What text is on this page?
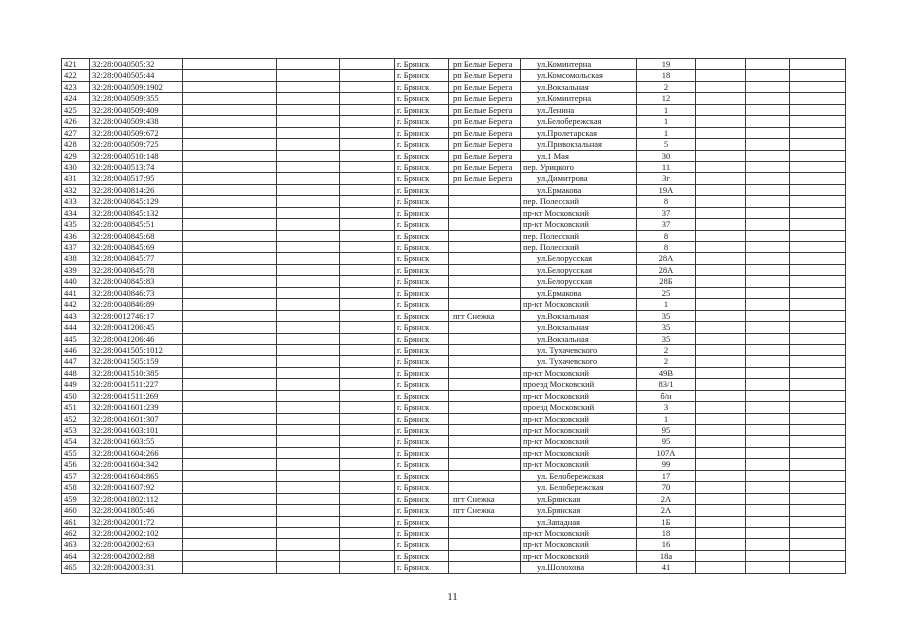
421	32:28:0040505:32	г. Брянск	рп Белые Берега	ул.Коминтерна	19
422	32:28:0040505:44	г. Брянск	рп Белые Берега	ул.Комсомольская	18
423	32:28:0040509:1902	г. Брянск	рп Белые Берега	ул.Вокзальная	2
424	32:28:0040509:355	г. Брянск	рп Белые Берега	ул.Коминтерна	12
425	32:28:0040509:409	г. Брянск	рп Белые Берега	ул.Ленина	1
426	32:28:0040509:438	г. Брянск	рп Белые Берега	ул.Белобережская	1
427	32:28:0040509:672	г. Брянск	рп Белые Берега	ул.Пролетарская	1
428	32:28:0040509:725	г. Брянск	рп Белые Берега	ул.Привокзальная	5
429	32:28:0040510:148	г. Брянск	рп Белые Берега	ул.1 Мая	30
430	32:28:0040513:74	г. Брянск	рп Белые Берега	пер. Урицкого	11
431	32:28:0040517:95	г. Брянск	рп Белые Берега	ул.Димитрова	3г
432	32:28:0040814:26	г. Брянск	ул.Ермакова	19А
433	32:28:0040845:129	г. Брянск	пер. Полесский	8
434	32:28:0040845:132	г. Брянск	пр-кт Московский	37
435	32:28:0040845:51	г. Брянск	пр-кт Московский	37
436	32:28:0040845:68	г. Брянск	пер. Полесский	8
437	32:28:0040845:69	г. Брянск	пер. Полесский	8
438	32:28:0040845:77	г. Брянск	ул.Белорусская	28А
439	32:28:0040845:78	г. Брянск	ул.Белорусская	28А
440	32:28:0040845:83	г. Брянск	ул.Белорусская	28Б
441	32:28:0040846:73	г. Брянск	ул.Ермакова	25
442	32:28:0040846:89	г. Брянск	пр-кт Московский	1
443	32:28:0012746:17	г. Брянск	пгт Снежка	ул.Вокзальная	35
444	32:28:0041206:45	г. Брянск	ул.Вокзальная	35
445	32:28:0041206:46	г. Брянск	ул.Вокзальная	35
446	32:28:0041505:1012	г. Брянск	ул. Тухачевского	2
447	32:28:0041505:159	г. Брянск	ул. Тухачевского	2
448	32:28:0041510:385	г. Брянск	пр-кт Московский	49В
449	32:28:0041511:227	г. Брянск	проезд Московский	83/1
450	32:28:0041511:269	г. Брянск	пр-кт Московский	б/н
451	32:28:0041601:239	г. Брянск	проезд Московский	3
452	32:28:0041601:307	г. Брянск	пр-кт Московский	1
453	32:28:0041603:101	г. Брянск	пр-кт Московский	95
454	32:28:0041603:55	г. Брянск	пр-кт Московский	95
455	32:28:0041604:266	г. Брянск	пр-кт Московский	107А
456	32:28:0041604:342	г. Брянск	пр-кт Московский	99
457	32:28:0041604:865	г. Брянск	ул. Белобережская	17
458	32:28:0041607:92	г. Брянск	ул. Белобережская	70
459	32:28:0041802:112	г. Брянск	пгт Снежка	ул.Брянская	2А
460	32:28:0041805:46	г. Брянск	пгт Снежка	ул.Брянская	2А
461	32:28:0042001:72	г. Брянск	ул.Западная	1Б
462	32:28:0042002:102	г. Брянск	пр-кт Московский	18
463	32:28:0042002:63	г. Брянск	пр-кт Московский	16
464	32:28:0042002:88	г. Брянск	пр-кт Московский	18а
465	32:28:0042003:31	г. Брянск	ул.Шолохова	41
11
